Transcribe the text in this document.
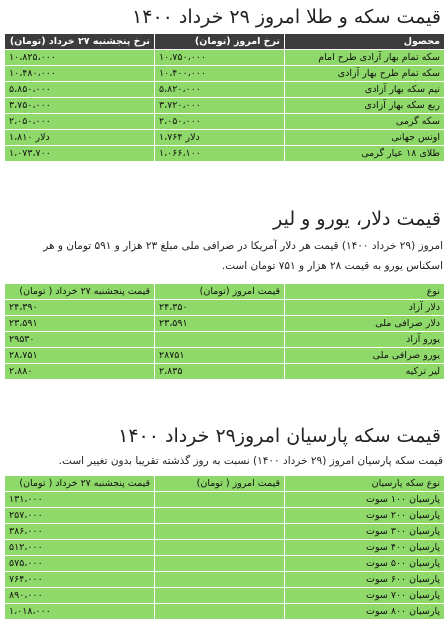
قیمت سکه و طلا امروز ۲۹ خرداد ۱۴۰۰
محصول	نرخ امروز (تومان)	نرخ پنجشنبه ۲۷ خرداد (تومان)
سکه تمام بهار آزادی طرح امام	۱۰،۷۵۰،۰۰۰	۱۰،۸۲۵،۰۰۰
سکه تمام طرح بهار آزادی	۱۰،۴۰۰،۰۰۰	۱۰،۴۸۰،۰۰۰
نیم سکه بهار آزادی	۵،۸۲۰،۰۰۰	۵،۸۵۰،۰۰۰
ربع سکه بهار آزادی	۳،۷۲۰،۰۰۰	۳،۷۵۰،۰۰۰
سکه گرمی	۲،۰۵۰،۰۰۰	۲،۰۵۰،۰۰۰
اونس جهانی	۱،۷۶۴ دلار	۱،۸۱۰ دلار
طلای ۱۸ عیار گرمی	۱،۰۶۶،۱۰۰	۱،۰۷۳،۷۰۰
قیمت دلار، یورو و لیر

امروز (۲۹ خرداد ۱۴۰۰) قیمت هر دلار آمریکا در صرافی ملی مبلغ ۲۳ هزار و ۵۹۱ تومان و هر

اسکناس یورو به قیمت ۲۸ هزار و ۷۵۱ تومان است.

نوع	قیمت امروز (تومان)	قیمت پنجشنبه ۲۷ خرداد ( تومان)
دلار آزاد	۲۴،۳۵۰	۲۴،۳۹۰
دلار صرافی ملی	۲۳،۵۹۱	۲۳،۵۹۱
یورو آزاد		۲۹۵۳۰
یورو صرافی ملی	۲۸۷۵۱	۲۸،۷۵۱
لیر ترکیه	۲،۸۳۵	۲،۸۸۰
قیمت سکه پارسیان امروز۲۹ خرداد ۱۴۰۰

قیمت سکه پارسیان امروز (۲۹ خرداد ۱۴۰۰) نسبت به روز گذشته تقریبا بدون تغییر است.

نوع سکه پارسیان	قیمت امروز ( تومان)	قیمت پنجشنبه ۲۷ خرداد ( تومان)
پارسیان ۱۰۰ سوت		۱۳۱،۰۰۰
پارسیان ۲۰۰ سوت		۲۵۷،۰۰۰
پارسیان ۳۰۰ سوت		۳۸۶،۰۰۰
پارسیان ۴۰۰ سوت		۵۱۲،۰۰۰
پارسیان ۵۰۰ سوت		۵۷۵،۰۰۰
پارسیان ۶۰۰ سوت		۷۶۴،۰۰۰
پارسیان ۷۰۰ سوت		۸۹۰،۰۰۰
پارسیان ۸۰۰ سوت		۱،۰۱۸،۰۰۰
